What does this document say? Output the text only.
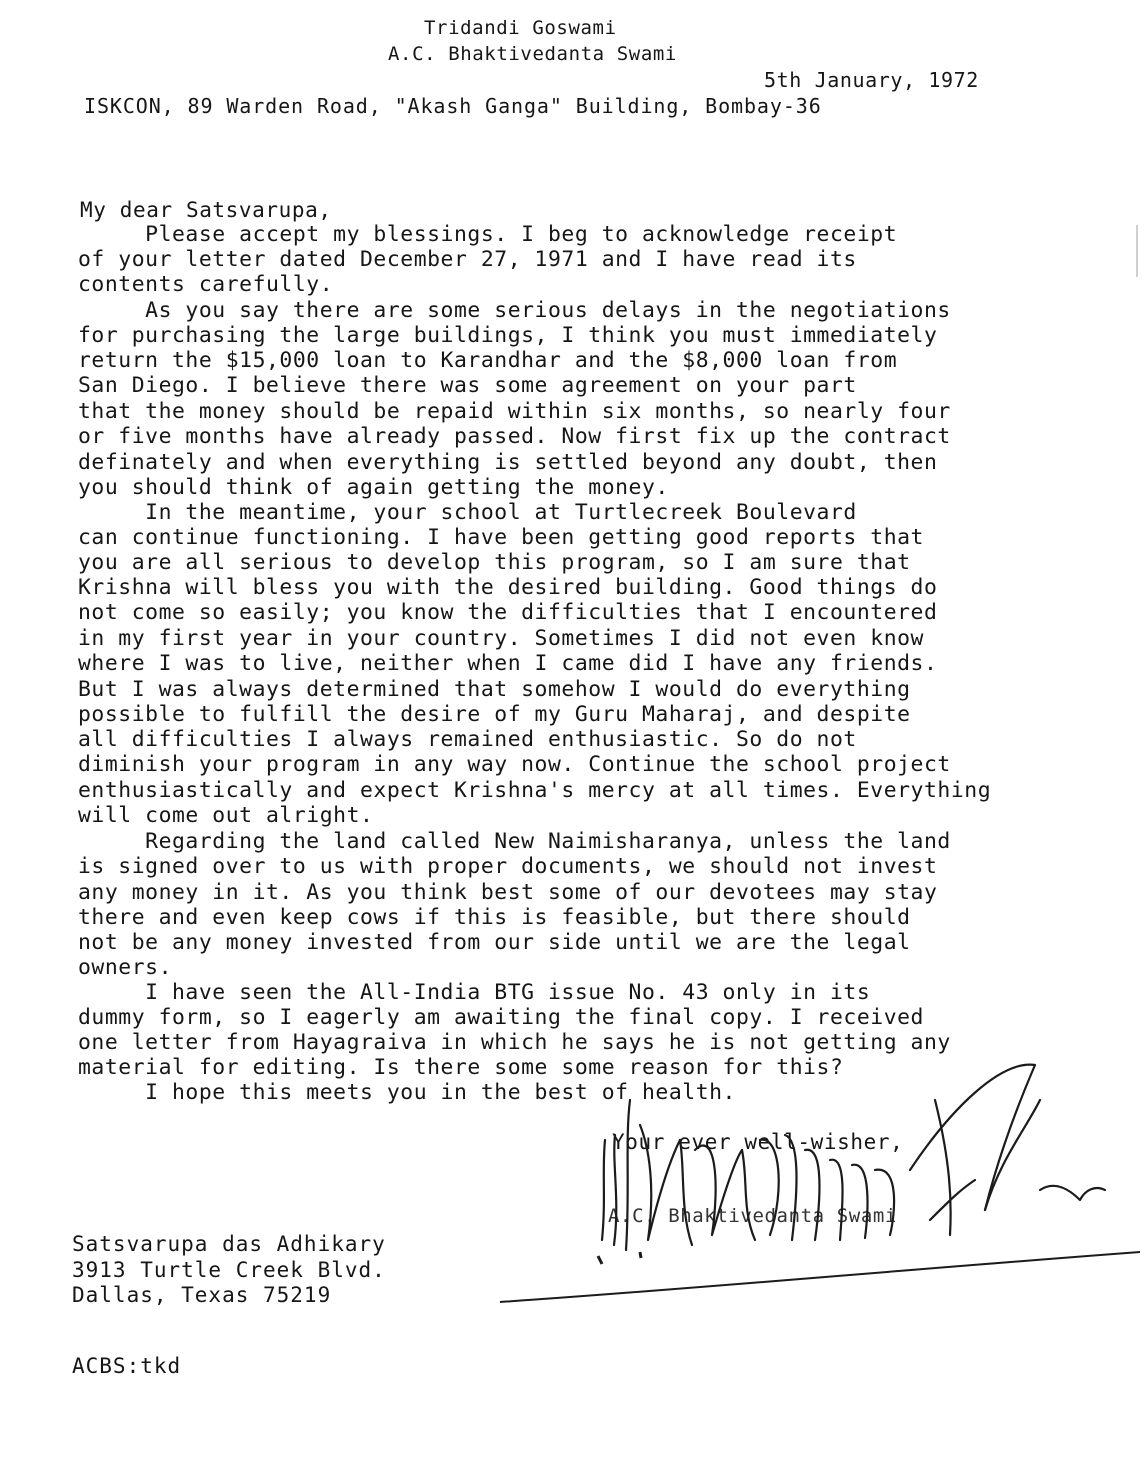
Tridandi Goswami
A.C. Bhaktivedanta Swami
5th January, 1972
ISKCON, 89 Warden Road, "Akash Ganga" Building, Bombay-36
My dear Satsvarupa,
Please accept my blessings. I beg to acknowledge receipt
of your letter dated December 27, 1971 and I have read its
contents carefully.
As you say there are some serious delays in the negotiations
for purchasing the large buildings, I think you must immediately
return the $15,000 loan to Karandhar and the $8,000 loan from
San Diego. I believe there was some agreement on your part
that the money should be repaid within six months, so nearly four
or five months have already passed. Now first fix up the contract
definately and when everything is settled beyond any doubt, then
you should think of again getting the money.
In the meantime, your school at Turtlecreek Boulevard
can continue functioning. I have been getting good reports that
you are all serious to develop this program, so I am sure that
Krishna will bless you with the desired building. Good things do
not come so easily; you know the difficulties that I encountered
in my first year in your country. Sometimes I did not even know
where I was to live, neither when I came did I have any friends.
But I was always determined that somehow I would do everything
possible to fulfill the desire of my Guru Maharaj, and despite
all difficulties I always remained enthusiastic. So do not
diminish your program in any way now. Continue the school project
enthusiastically and expect Krishna's mercy at all times. Everything
will come out alright.
Regarding the land called New Naimisharanya, unless the land
is signed over to us with proper documents, we should not invest
any money in it. As you think best some of our devotees may stay
there and even keep cows if this is feasible, but there should
not be any money invested from our side until we are the legal
owners.
I have seen the All-India BTG issue No. 43 only in its
dummy form, so I eagerly am awaiting the final copy. I received
one letter from Hayagraiva in which he says he is not getting any
material for editing. Is there some some reason for this?
I hope this meets you in the best of health.
Your ever well-wisher,
A.C. Bhaktivedanta Swami
Satsvarupa das Adhikary
3913 Turtle Creek Blvd.
Dallas, Texas 75219
ACBS:tkd
